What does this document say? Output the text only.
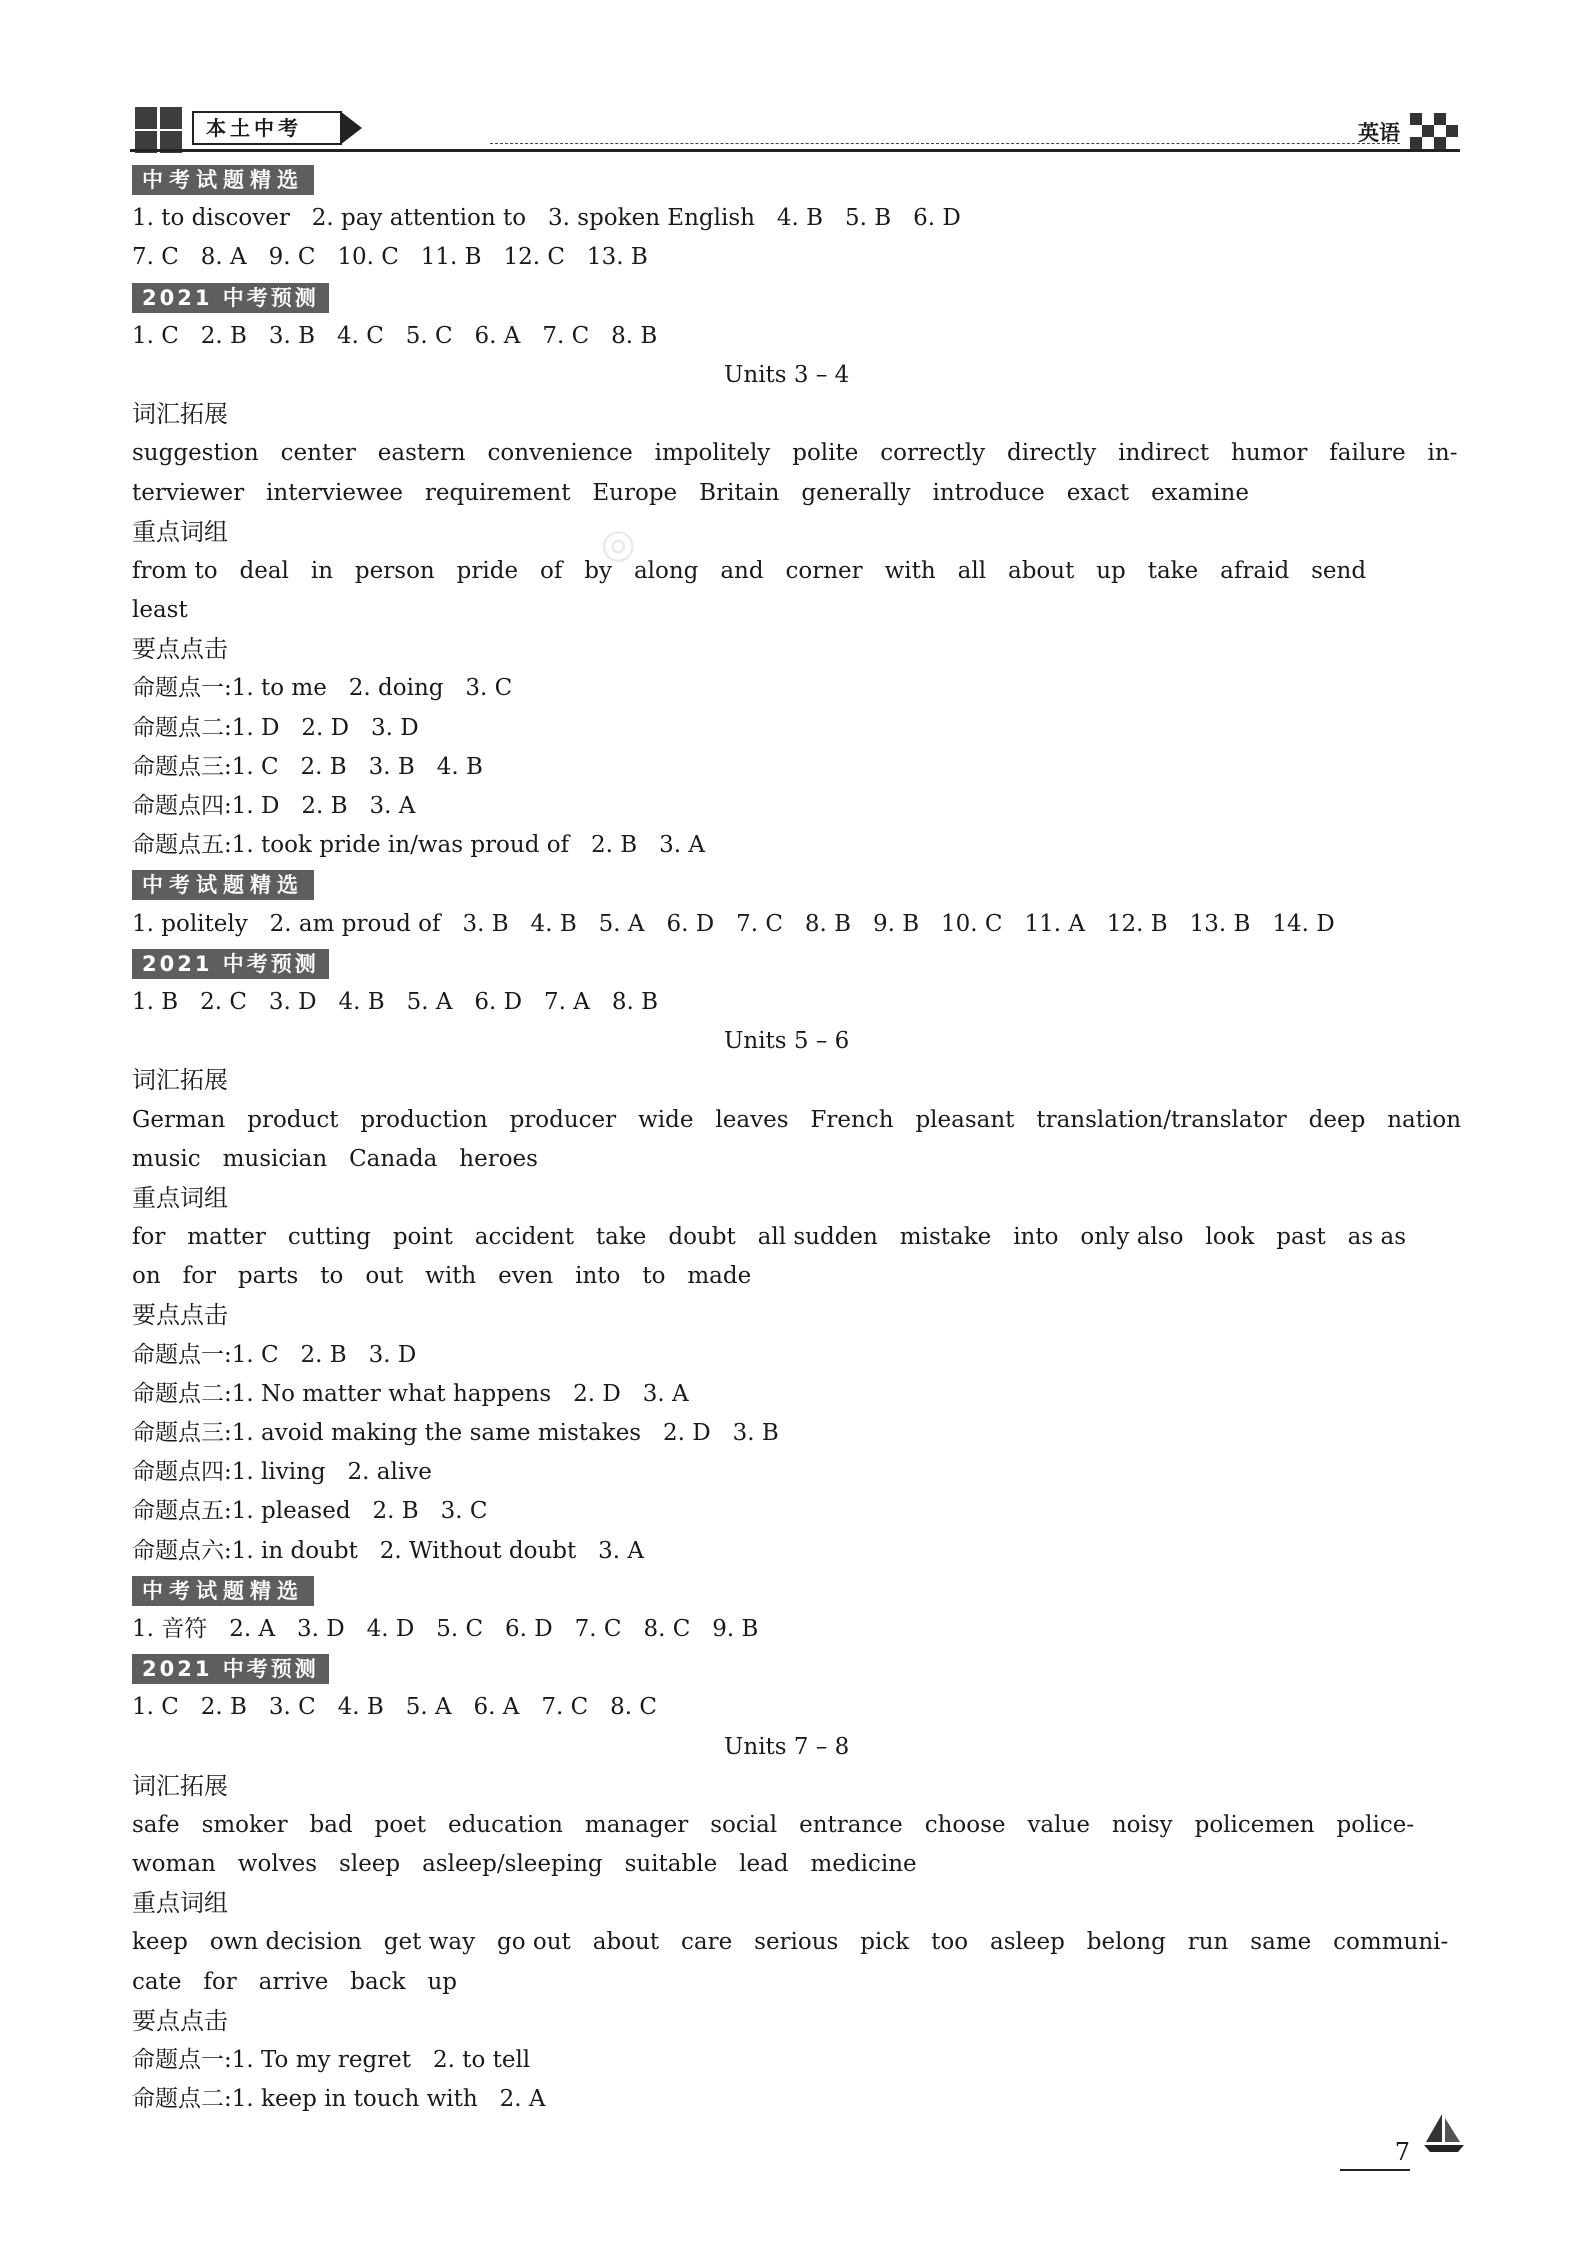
本土中考	英语
中考试题精选
1. to discover   2. pay attention to   3. spoken English   4. B   5. B   6. D
7. C   8. A   9. C   10. C   11. B   12. C   13. B
2021 中考预测
1. C   2. B   3. B   4. C   5. C   6. A   7. C   8. B
Units 3 – 4
词汇拓展
suggestion   center   eastern   convenience   impolitely   polite   correctly   directly   indirect   humor   failure   in-
terviewer   interviewee   requirement   Europe   Britain   generally   introduce   exact   examine
重点词组
from to   deal   in   person   pride   of   by   along   and   corner   with   all   about   up   take   afraid   send
least
要点点击
命题点一:1. to me   2. doing   3. C
命题点二:1. D   2. D   3. D
命题点三:1. C   2. B   3. B   4. B
命题点四:1. D   2. B   3. A
命题点五:1. took pride in/was proud of   2. B   3. A
中考试题精选
1. politely   2. am proud of   3. B   4. B   5. A   6. D   7. C   8. B   9. B   10. C   11. A   12. B   13. B   14. D
2021 中考预测
1. B   2. C   3. D   4. B   5. A   6. D   7. A   8. B
Units 5 – 6
词汇拓展
German   product   production   producer   wide   leaves   French   pleasant   translation/translator   deep   nation
music   musician   Canada   heroes
重点词组
for   matter   cutting   point   accident   take   doubt   all sudden   mistake   into   only also   look   past   as as
on   for   parts   to   out   with   even   into   to   made
要点点击
命题点一:1. C   2. B   3. D
命题点二:1. No matter what happens   2. D   3. A
命题点三:1. avoid making the same mistakes   2. D   3. B
命题点四:1. living   2. alive
命题点五:1. pleased   2. B   3. C
命题点六:1. in doubt   2. Without doubt   3. A
中考试题精选
1. 音符   2. A   3. D   4. D   5. C   6. D   7. C   8. C   9. B
2021 中考预测
1. C   2. B   3. C   4. B   5. A   6. A   7. C   8. C
Units 7 – 8
词汇拓展
safe   smoker   bad   poet   education   manager   social   entrance   choose   value   noisy   policemen   police-
woman   wolves   sleep   asleep/sleeping   suitable   lead   medicine
重点词组
keep   own decision   get way   go out   about   care   serious   pick   too   asleep   belong   run   same   communi-
cate   for   arrive   back   up
要点点击
命题点一:1. To my regret   2. to tell
命题点二:1. keep in touch with   2. A
◎
7
